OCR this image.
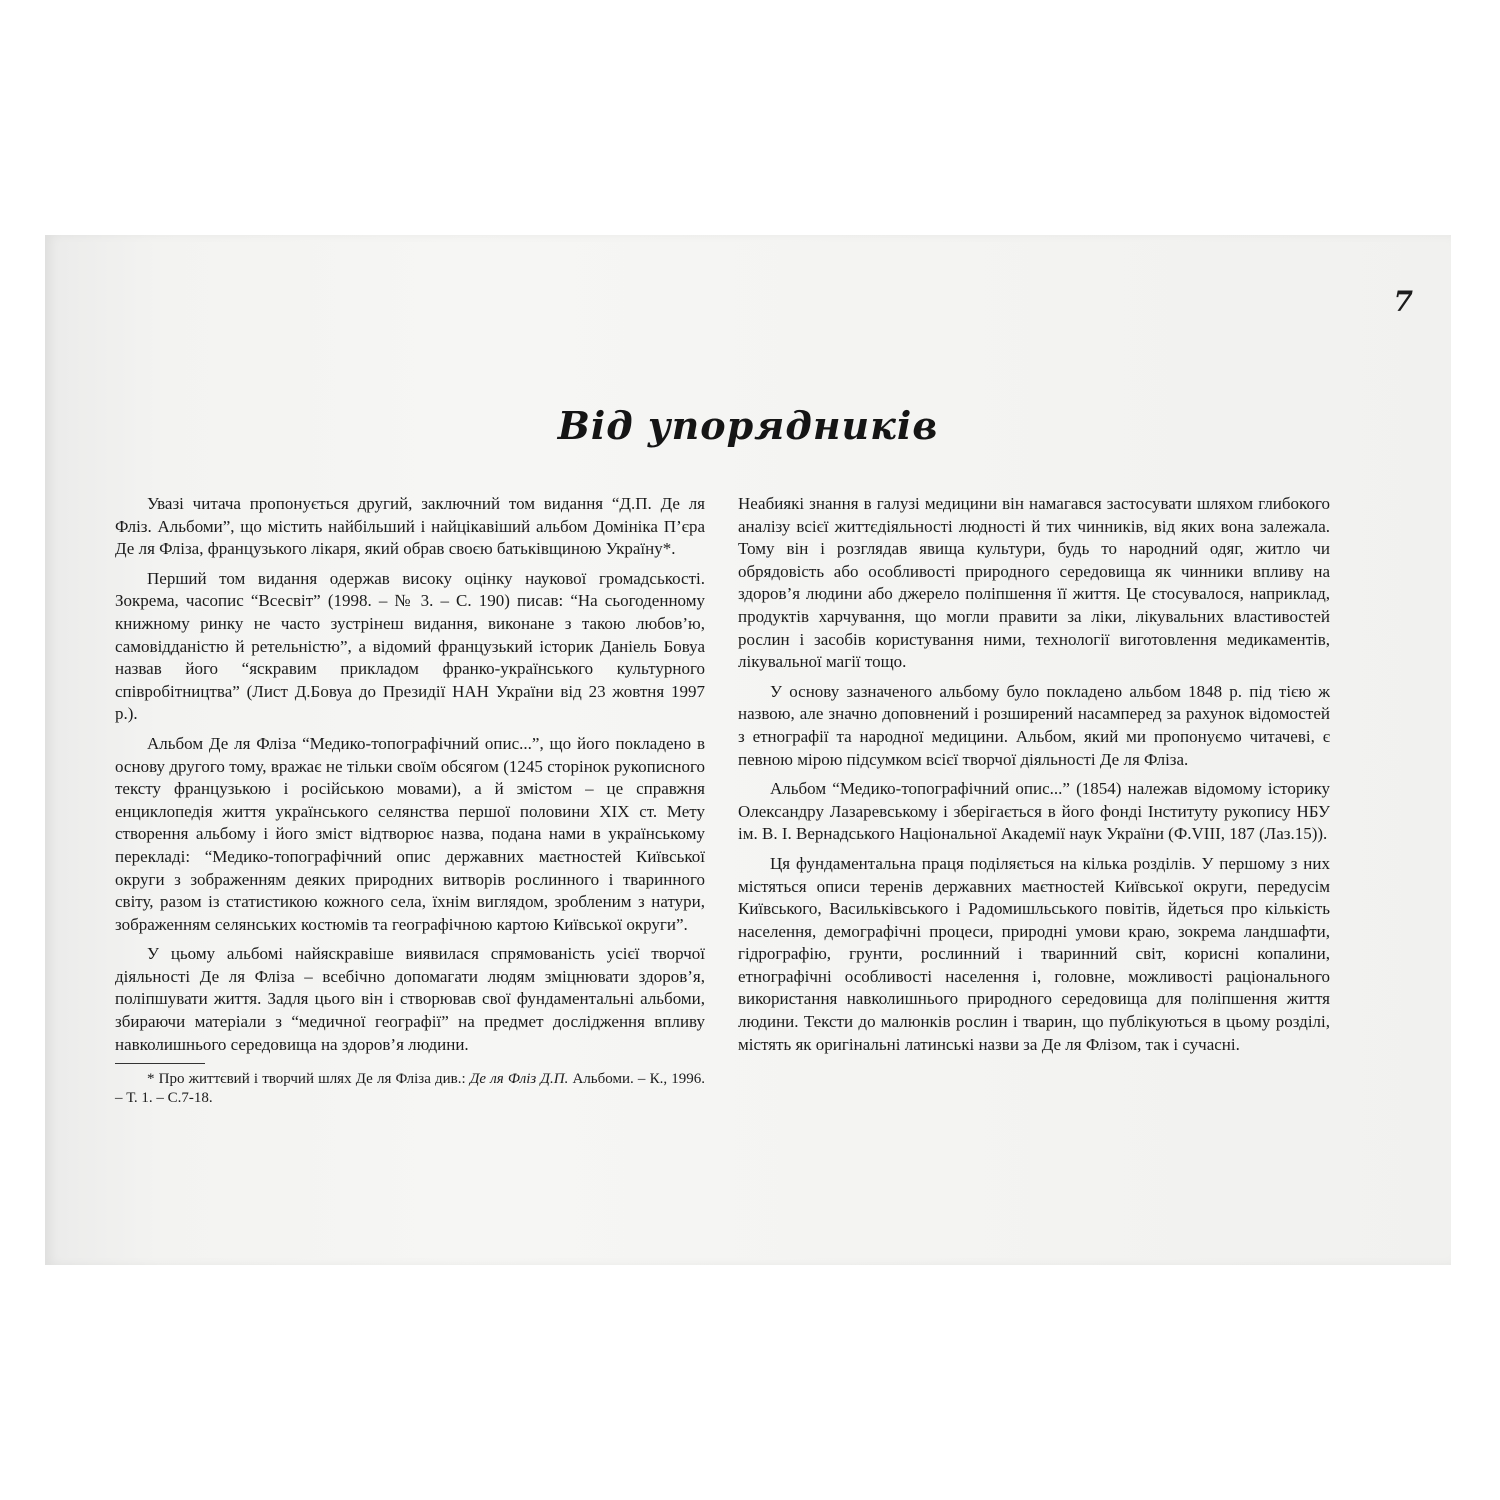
7

Від упорядників

Увазі читача пропонується другий, заключний том видання “Д.П. Де ля Фліз. Альбоми”, що містить найбільший і найцікавіший альбом Домініка П’єра Де ля Фліза, французького лікаря, який обрав своєю батьківщиною Україну*.

Перший том видання одержав високу оцінку наукової громадськості. Зокрема, часопис “Всесвіт” (1998. – № 3. – С. 190) писав: “На сьогоденному книжному ринку не часто зустрінеш видання, виконане з такою любов’ю, самовідданістю й ретельністю”, а відомий французький історик Даніель Бовуа назвав його “яскравим прикладом франко-українського культурного співробітництва” (Лист Д.Бовуа до Президії НАН України від 23 жовтня 1997 р.).

Альбом Де ля Фліза “Медико-топографічний опис...”, що його покладено в основу другого тому, вражає не тільки своїм обсягом (1245 сторінок рукописного тексту французькою і російською мовами), а й змістом – це справжня енциклопедія життя українського селянства першої половини ХІХ ст. Мету створення альбому і його зміст відтворює назва, подана нами в українському перекладі: “Медико-топографічний опис державних маєтностей Київської округи з зображенням деяких природних витворів рослинного і тваринного світу, разом із статистикою кожного села, їхнім виглядом, зробленим з натури, зображенням селянських костюмів та географічною картою Київської округи”.

У цьому альбомі найяскравіше виявилася спрямованість усієї творчої діяльності Де ля Фліза – всебічно допомагати людям зміцнювати здоров’я, поліпшувати життя. Задля цього він і створював свої фундаментальні альбоми, збираючи матеріали з “медичної географії” на предмет дослідження впливу навколишнього середовища на здоров’я людини.

* Про життєвий і творчий шлях Де ля Фліза див.: Де ля Фліз Д.П. Альбоми. – К., 1996. – Т. 1. – С.7-18.

Неабиякі знання в галузі медицини він намагався застосувати шляхом глибокого аналізу всієї життєдіяльності людності й тих чинників, від яких вона залежала. Тому він і розглядав явища культури, будь то народний одяг, житло чи обрядовість або особливості природного середовища як чинники впливу на здоров’я людини або джерело поліпшення її життя. Це стосувалося, наприклад, продуктів харчування, що могли правити за ліки, лікувальних властивостей рослин і засобів користування ними, технології виготовлення медикаментів, лікувальної магії тощо.

У основу зазначеного альбому було покладено альбом 1848 р. під тією ж назвою, але значно доповнений і розширений насамперед за рахунок відомостей з етнографії та народної медицини. Альбом, який ми пропонуємо читачеві, є певною мірою підсумком всієї творчої діяльності Де ля Фліза.

Альбом “Медико-топографічний опис...” (1854) належав відомому історику Олександру Лазаревському і зберігається в його фонді Інституту рукопису НБУ ім. В. І. Вернадського Національної Академії наук України (Ф.VIII, 187 (Лаз.15)).

Ця фундаментальна праця поділяється на кілька розділів. У першому з них містяться описи теренів державних маєтностей Київської округи, передусім Київського, Васильківського і Радомишльського повітів, йдеться про кількість населення, демографічні процеси, природні умови краю, зокрема ландшафти, гідрографію, грунти, рослинний і тваринний світ, корисні копалини, етнографічні особливості населення і, головне, можливості раціонального використання навколишнього природного середовища для поліпшення життя людини. Тексти до малюнків рослин і тварин, що публікуються в цьому розділі, містять як оригінальні латинські назви за Де ля Флізом, так і сучасні.
